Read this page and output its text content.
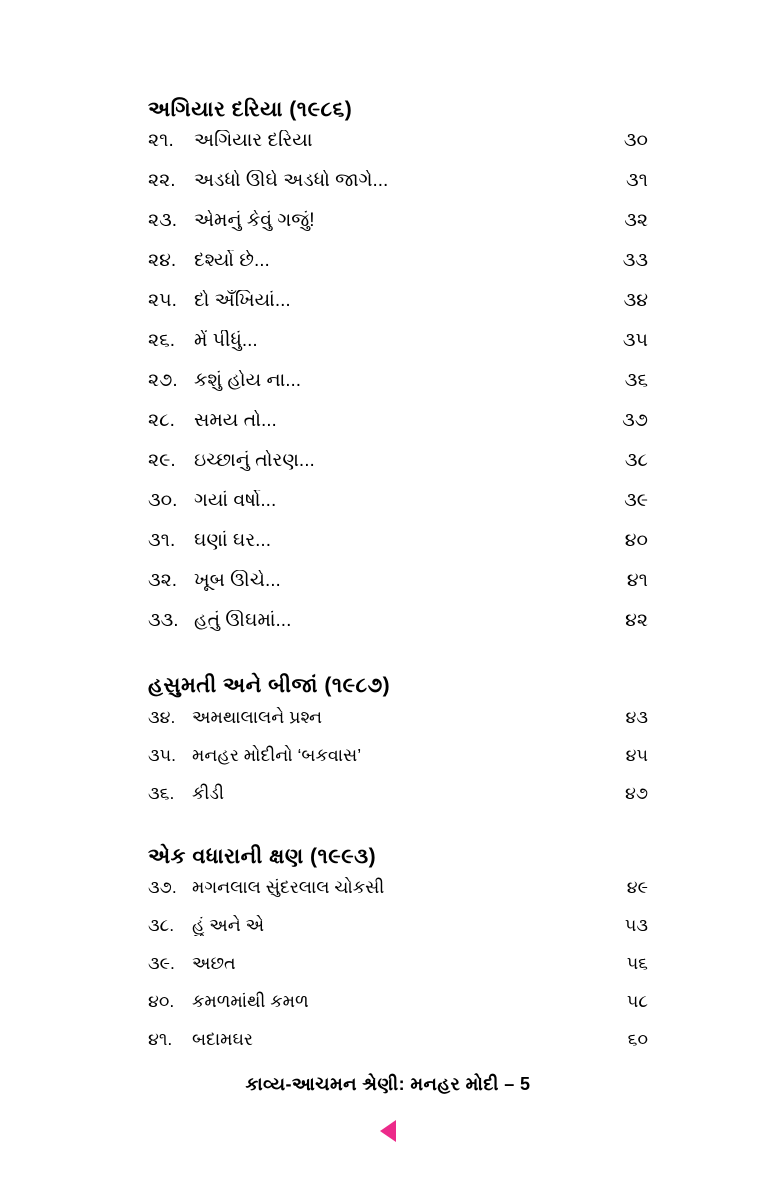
અગિયાર દરિયા (૧૯૮૬)
૨૧.	અગિયાર દરિયા	૩૦
૨૨. અડધો ઊંઘે અડધો જાગે...	૩૧
૨૩. એમનું કેવું ગજું!	૩૨
૨૪. દર્શ્યો છે...	૩૩
૨૫. દો અઁખિયાં...	૩૪
૨૬. મેં પીધું...	૩૫
૨૭. કશું હોય ના...	૩૬
૨૮.	સમય તો...	૩૭
૨૯. ઇચ્છાનું તોરણ...	૩૮
૩૦. ગયાં વર્ષો...	૩૯
૩૧. ઘણાં ઘર...	૪૦
૩૨. ખૂબ ઊંચે...	૪૧
૩૩. હતું ઊંઘમાં...	૪૨
હસુમતી અને બીજાં (૧૯૮૭)
૩૪. અમથાલાલને પ્રશ્ન	૪૩
૩૫. મનહર મોદીનો ‘બકવાસ’	૪૫
૩૬.	કીડી	૪૭
એક વધારાની ક્ષણ (૧૯૯૩)
૩૭. મગનલાલ સુંદરલાલ ચોકસી	૪૯
૩૮.	હું અને એ	૫૩
૩૯. અછત	૫૬
૪૦.	કમળમાંથી કમળ	૫૮
૪૧.	બદામઘર	૬૦
કાવ્ય-આચમન શ્રેણી: મનહર મોદી – 5
